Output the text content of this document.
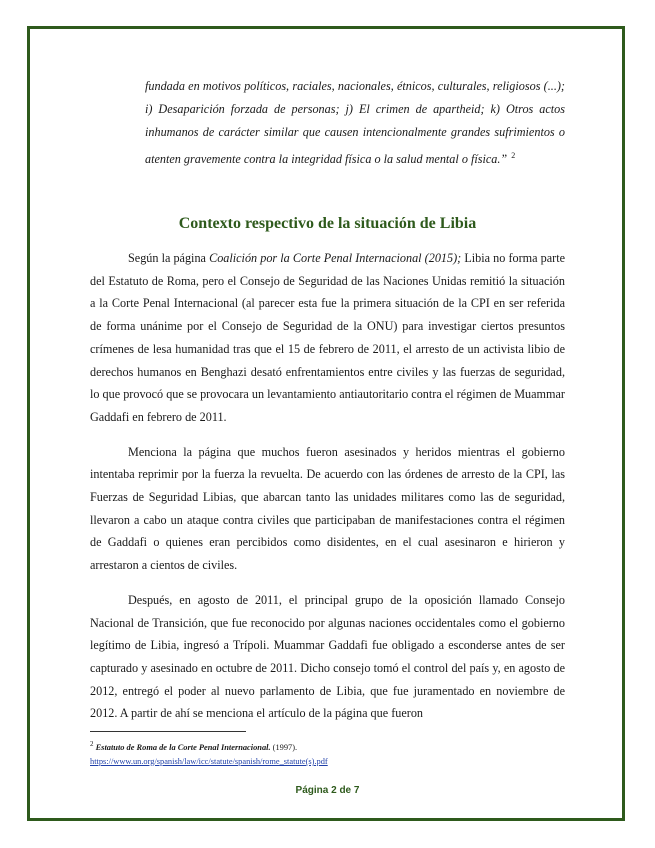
fundada en motivos políticos, raciales, nacionales, étnicos, culturales, religiosos (...); i) Desaparición forzada de personas; j) El crimen de apartheid; k) Otros actos inhumanos de carácter similar que causen intencionalmente grandes sufrimientos o atenten gravemente contra la integridad física o la salud mental o física.” $^2$
Contexto respectivo de la situación de Libia

Según la página Coalición por la Corte Penal Internacional (2015); Libia no forma parte del Estatuto de Roma, pero el Consejo de Seguridad de las Naciones Unidas remitió la situación a la Corte Penal Internacional (al parecer esta fue la primera situación de la CPI en ser referida de forma unánime por el Consejo de Seguridad de la ONU) para investigar ciertos presuntos crímenes de lesa humanidad tras que el 15 de febrero de 2011, el arresto de un activista libio de derechos humanos en Benghazi desató enfrentamientos entre civiles y las fuerzas de seguridad, lo que provocó que se provocara un levantamiento antiautoritario contra el régimen de Muammar Gaddafi en febrero de 2011.

Menciona la página que muchos fueron asesinados y heridos mientras el gobierno intentaba reprimir por la fuerza la revuelta. De acuerdo con las órdenes de arresto de la CPI, las Fuerzas de Seguridad Libias, que abarcan tanto las unidades militares como las de seguridad, llevaron a cabo un ataque contra civiles que participaban de manifestaciones contra el régimen de Gaddafi o quienes eran percibidos como disidentes, en el cual asesinaron e hirieron y arrestaron a cientos de civiles.

Después, en agosto de 2011, el principal grupo de la oposición llamado Consejo Nacional de Transición, que fue reconocido por algunas naciones occidentales como el gobierno legítimo de Libia, ingresó a Trípoli. Muammar Gaddafi fue obligado a esconderse antes de ser capturado y asesinado en octubre de 2011. Dicho consejo tomó el control del país y, en agosto de 2012, entregó el poder al nuevo parlamento de Libia, que fue juramentado en noviembre de 2012. A partir de ahí se menciona el artículo de la página que fueron

$^2$ Estatuto de Roma de la Corte Penal Internacional. (1997).
https://www.un.org/spanish/law/icc/statute/spanish/rome_statute(s).pdf
Página 2 de 7
